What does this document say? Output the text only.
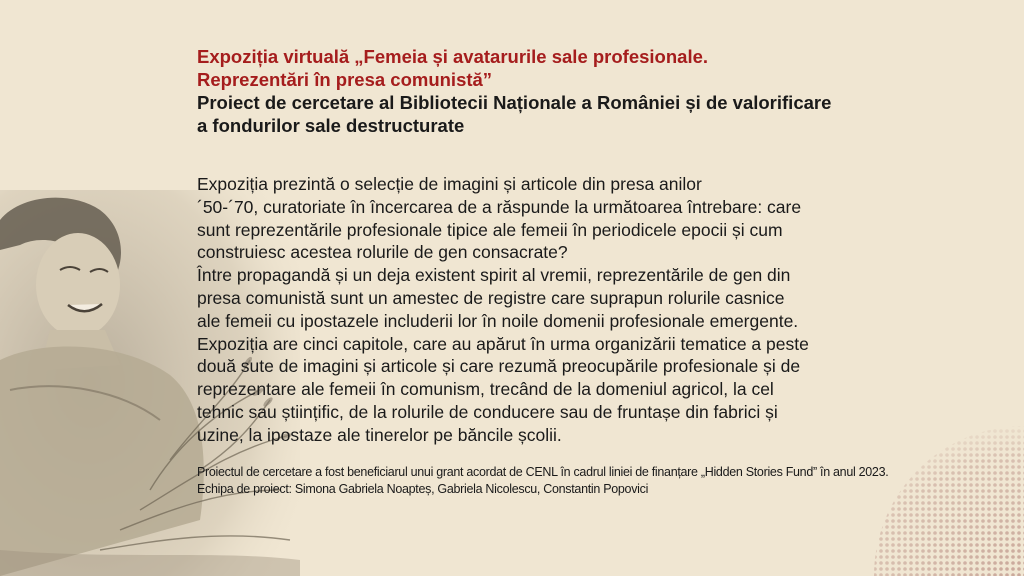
Expoziția virtuală „Femeia și avatarurile sale profesionale.

Reprezentări în presa comunistă”

Proiect de cercetare al Bibliotecii Naționale a României și de valorificare

a fondurilor sale destructurate

Expoziția prezintă o selecție de imagini și articole din presa anilor

´50-´70, curatoriate în încercarea de a răspunde la următoarea întrebare: care

sunt reprezentările profesionale tipice ale femeii în periodicele epocii și cum

construiesc acestea rolurile de gen consacrate?

Între propagandă și un deja existent spirit al vremii, reprezentările de gen din

presa comunistă sunt un amestec de registre care suprapun rolurile casnice

ale femeii cu ipostazele includerii lor în noile domenii profesionale emergente.

Expoziția are cinci capitole, care au apărut în urma organizării tematice a peste

două sute de imagini și articole și care rezumă preocupările profesionale și de

reprezentare ale femeii în comunism, trecând de la domeniul agricol, la cel

tehnic sau științific, de la rolurile de conducere sau de fruntașe din fabrici și

uzine, la ipostaze ale tinerelor pe băncile școlii.

Proiectul de cercetare a fost beneficiarul unui grant acordat de CENL în cadrul liniei de finanțare „Hidden Stories Fund” în anul 2023.

Echipa de proiect: Simona Gabriela Noapteș, Gabriela Nicolescu, Constantin Popovici
